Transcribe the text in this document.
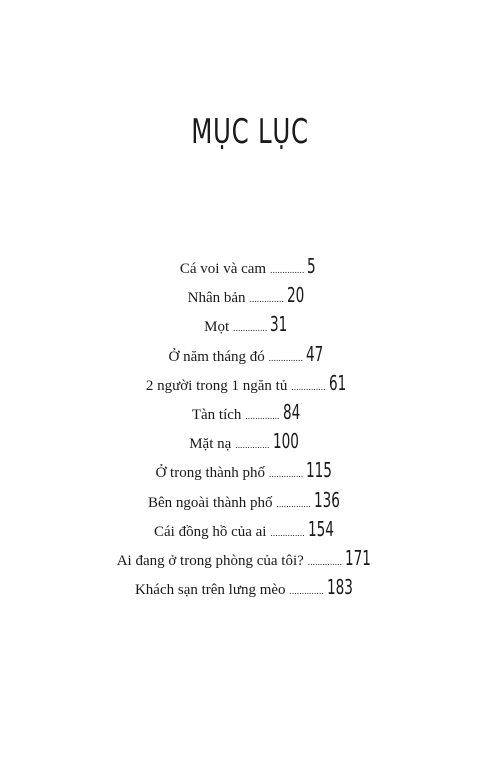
MỤC LỤC
Cá voi và cam .............. 5
Nhân bản .............. 20
Mọt .............. 31
Ở năm tháng đó .............. 47
2 người trong 1 ngăn tủ .............. 61
Tàn tích .............. 84
Mặt nạ .............. 100
Ở trong thành phố .............. 115
Bên ngoài thành phố .............. 136
Cái đồng hồ của ai .............. 154
Ai đang ở trong phòng của tôi? .............. 171
Khách sạn trên lưng mèo .............. 183
